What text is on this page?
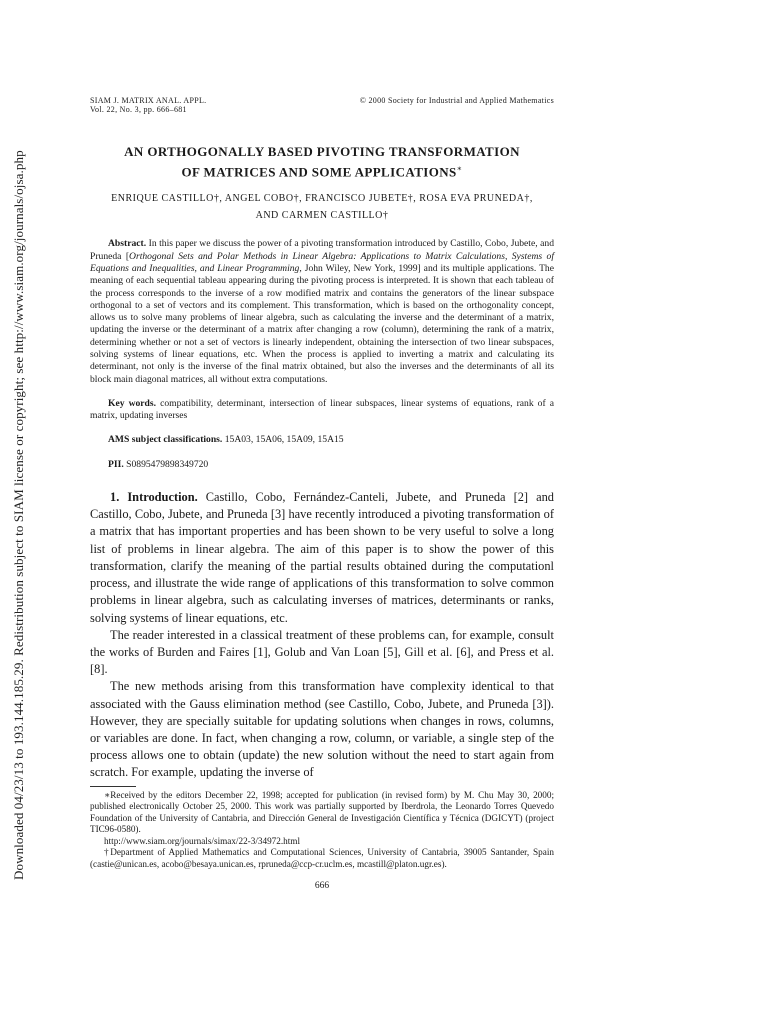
Downloaded 04/23/13 to 193.144.185.29. Redistribution subject to SIAM license or copyright; see http://www.siam.org/journals/ojsa.php
SIAM J. MATRIX ANAL. APPL.
Vol. 22, No. 3, pp. 666–681
© 2000 Society for Industrial and Applied Mathematics
AN ORTHOGONALLY BASED PIVOTING TRANSFORMATION
OF MATRICES AND SOME APPLICATIONS∗
ENRIQUE CASTILLO†, ANGEL COBO†, FRANCISCO JUBETE†, ROSA EVA PRUNEDA†,
AND CARMEN CASTILLO†
Abstract. In this paper we discuss the power of a pivoting transformation introduced by Castillo, Cobo, Jubete, and Pruneda [Orthogonal Sets and Polar Methods in Linear Algebra: Applications to Matrix Calculations, Systems of Equations and Inequalities, and Linear Programming, John Wiley, New York, 1999] and its multiple applications. The meaning of each sequential tableau appearing during the pivoting process is interpreted. It is shown that each tableau of the process corresponds to the inverse of a row modified matrix and contains the generators of the linear subspace orthogonal to a set of vectors and its complement. This transformation, which is based on the orthogonality concept, allows us to solve many problems of linear algebra, such as calculating the inverse and the determinant of a matrix, updating the inverse or the determinant of a matrix after changing a row (column), determining the rank of a matrix, determining whether or not a set of vectors is linearly independent, obtaining the intersection of two linear subspaces, solving systems of linear equations, etc. When the process is applied to inverting a matrix and calculating its determinant, not only is the inverse of the final matrix obtained, but also the inverses and the determinants of all its block main diagonal matrices, all without extra computations.
Key words. compatibility, determinant, intersection of linear subspaces, linear systems of equations, rank of a matrix, updating inverses
AMS subject classifications. 15A03, 15A06, 15A09, 15A15
PII. S0895479898349720

1. Introduction. Castillo, Cobo, Fernández-Canteli, Jubete, and Pruneda [2] and Castillo, Cobo, Jubete, and Pruneda [3] have recently introduced a pivoting transformation of a matrix that has important properties and has been shown to be very useful to solve a long list of problems in linear algebra. The aim of this paper is to show the power of this transformation, clarify the meaning of the partial results obtained during the computationl process, and illustrate the wide range of applications of this transformation to solve common problems in linear algebra, such as calculating inverses of matrices, determinants or ranks, solving systems of linear equations, etc.

The reader interested in a classical treatment of these problems can, for example, consult the works of Burden and Faires [1], Golub and Van Loan [5], Gill et al. [6], and Press et al. [8].

The new methods arising from this transformation have complexity identical to that associated with the Gauss elimination method (see Castillo, Cobo, Jubete, and Pruneda [3]). However, they are specially suitable for updating solutions when changes in rows, columns, or variables are done. In fact, when changing a row, column, or variable, a single step of the process allows one to obtain (update) the new solution without the need to start again from scratch. For example, updating the inverse of

∗Received by the editors December 22, 1998; accepted for publication (in revised form) by M. Chu May 30, 2000; published electronically October 25, 2000. This work was partially supported by Iberdrola, the Leonardo Torres Quevedo Foundation of the University of Cantabria, and Dirección General de Investigación Científica y Técnica (DGICYT) (project TIC96-0580).

http://www.siam.org/journals/simax/22-3/34972.html

†Department of Applied Mathematics and Computational Sciences, University of Cantabria, 39005 Santander, Spain (castie@unican.es, acobo@besaya.unican.es, rpruneda@ccp-cr.uclm.es, mcastill@platon.ugr.es).

666
